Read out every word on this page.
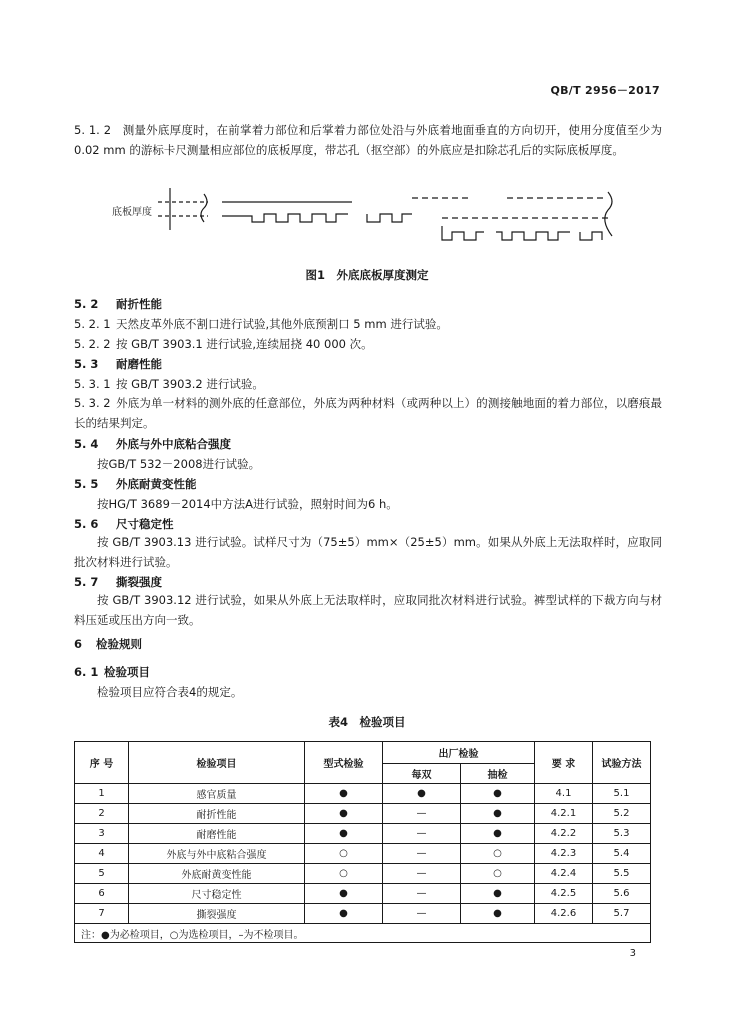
QB/T 2956－2017
5. 1. 2 测量外底厚度时，在前掌着力部位和后掌着力部位处沿与外底着地面垂直的方向切开，使用分度值至少为 0.02 mm 的游标卡尺测量相应部位的底板厚度，带芯孔（抠空部）的外底应是扣除芯孔后的实际底板厚度。
底板厚度
图1　外底底板厚度测定
5. 2 耐折性能
5. 2. 1 天然皮革外底不割口进行试验,其他外底预割口 5 mm 进行试验。
5. 2. 2 按 GB/T 3903.1 进行试验,连续屈挠 40 000 次。
5. 3 耐磨性能
5. 3. 1 按 GB/T 3903.2 进行试验。
5. 3. 2 外底为单一材料的测外底的任意部位，外底为两种材料（或两种以上）的测接触地面的着力部位，以磨痕最长的结果判定。
5. 4 外底与外中底粘合强度
按GB/T 532－2008进行试验。
5. 5 外底耐黄变性能
按HG/T 3689－2014中方法A进行试验，照射时间为6 h。
5. 6 尺寸稳定性
按 GB/T 3903.13 进行试验。试样尺寸为（75±5）mm×（25±5）mm。如果从外底上无法取样时，应取同批次材料进行试验。
5. 7 撕裂强度
按 GB/T 3903.12 进行试验，如果从外底上无法取样时，应取同批次材料进行试验。裤型试样的下裁方向与材料压延或压出方向一致。
6 检验规则
6. 1 检验项目
检验项目应符合表4的规定。
表4　检验项目
序 号	检验项目	型式检验	出厂检验		要 求	试验方法
			每双	抽检		
1	感官质量	●	●	●	4.1	5.1
2	耐折性能	●	—	●	4.2.1	5.2
3	耐磨性能	●	—	●	4.2.2	5.3
4	外底与外中底粘合强度	○	—	○	4.2.3	5.4
5	外底耐黄变性能	○	—	○	4.2.4	5.5
6	尺寸稳定性	●	—	●	4.2.5	5.6
7	撕裂强度	●	—	●	4.2.6	5.7
注：●为必检项目，○为选检项目，–为不检项目。						
3
